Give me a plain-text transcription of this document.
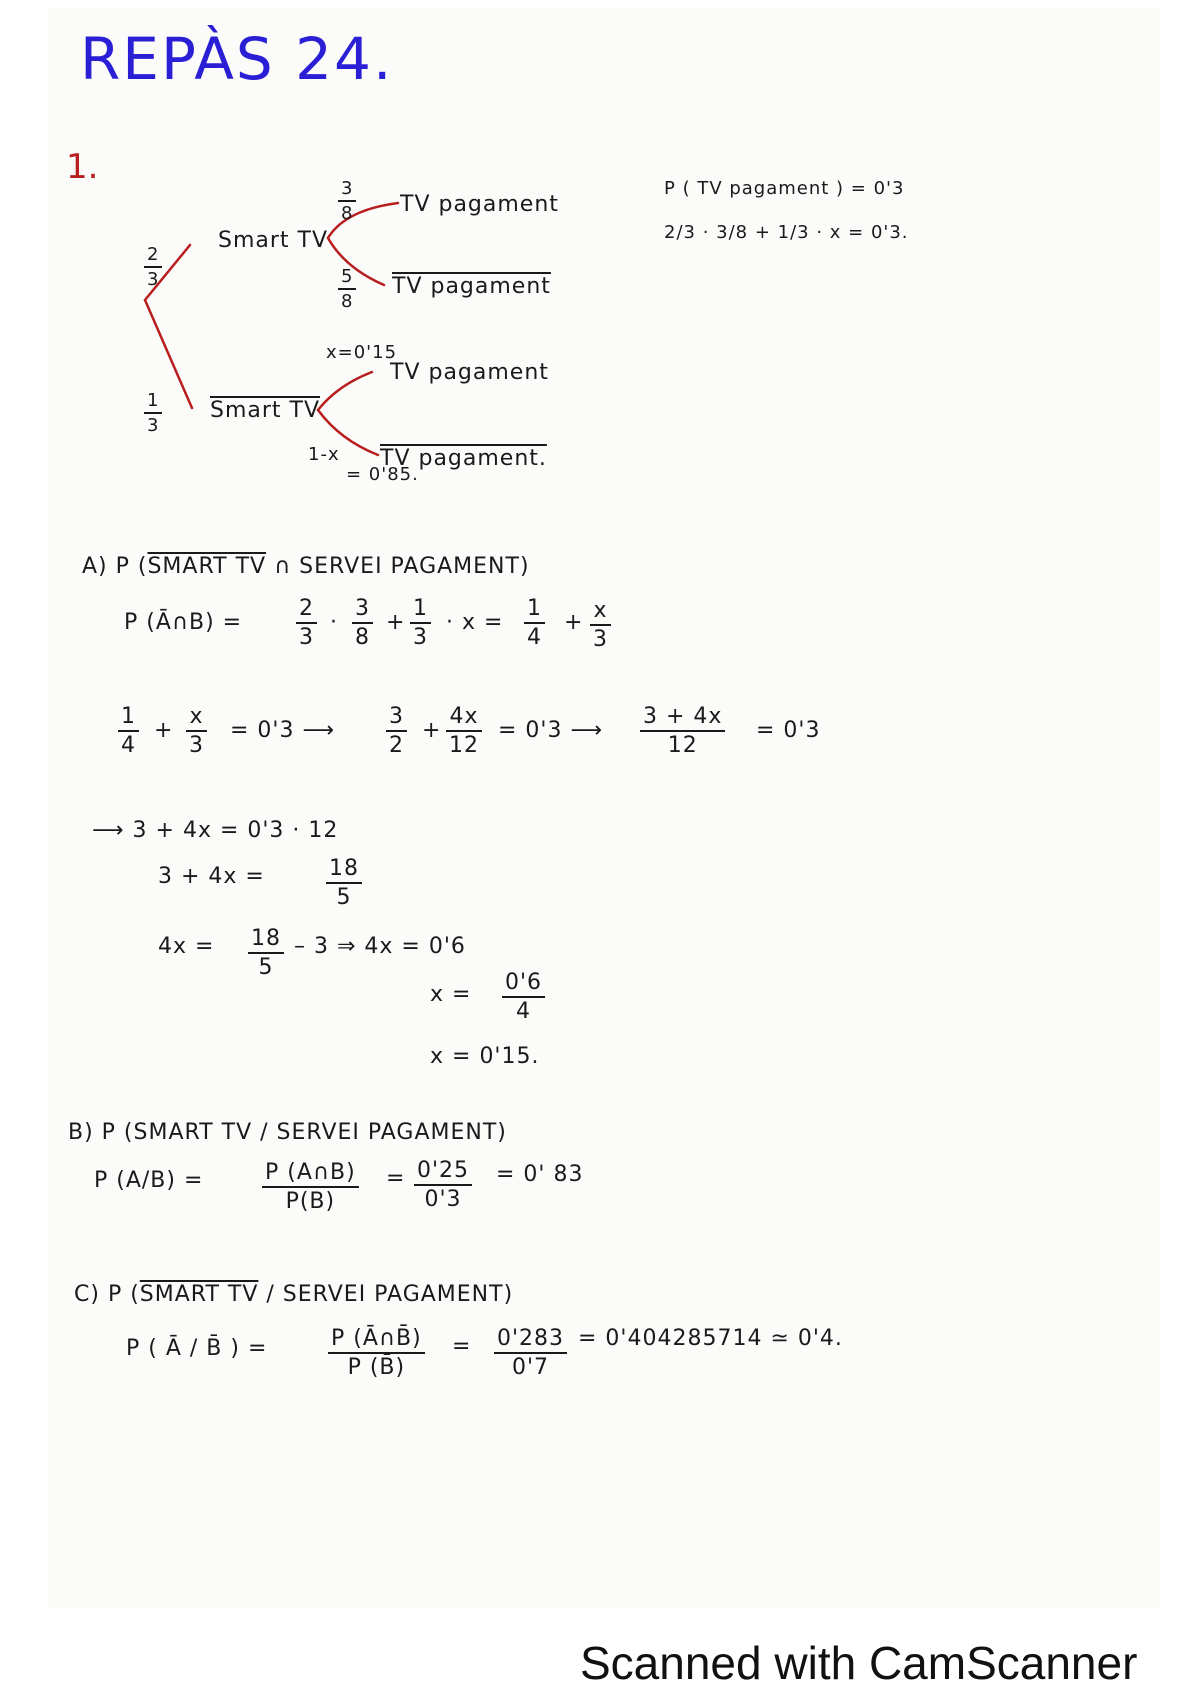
REPÀS 24.
1.
$\frac{2}{3}$
$\frac{1}{3}$
Smart TV
Smart TV
$\frac{3}{8}$ TV pagament
$\frac{5}{8}$ TV pagament
x=0'15
TV pagament
1-x
= 0'85.
TV pagament.
P ( TV pagament ) = 0'3
2/3 · 3/8 + 1/3 · x = 0'3.
A) P (SMART TV ∩ SERVEI PAGAMENT)
P (Ā∩B) = $\frac{2}{3} \cdot \frac{3}{8} + \frac{1}{3} \cdot x = \frac{1}{4} + \frac{x}{3}$
$\frac{1}{4} + \frac{x}{3} = 0'3$ ⟶ $\frac{3}{2} + \frac{4x}{12} = 0'3$ ⟶ $\frac{3 + 4x}{12} = 0'3$
⟶ 3 + 4x = 0'3 · 12
3 + 4x =	$\frac{18}{5}$
$4x = \frac{18}{5} - 3$ ⇒ 4x = 0'6
$x = \frac{0'6}{4}$
x = 0'15.
B) P (SMART TV / SERVEI PAGAMENT)
P (A/B) =	$\frac{P (A\cap B)}{P(B)} = \frac{0'25}{0'3} = 0'$ 83
C) P (SMART TV / SERVEI PAGAMENT)
P ( Ā / B̄ ) =	$\frac{P (Ā\cap B̄)}{P (B̄)} = \frac{0'283}{0'7} = 0'404285714$ ≃ 0'4.
Scanned with CamScanner
